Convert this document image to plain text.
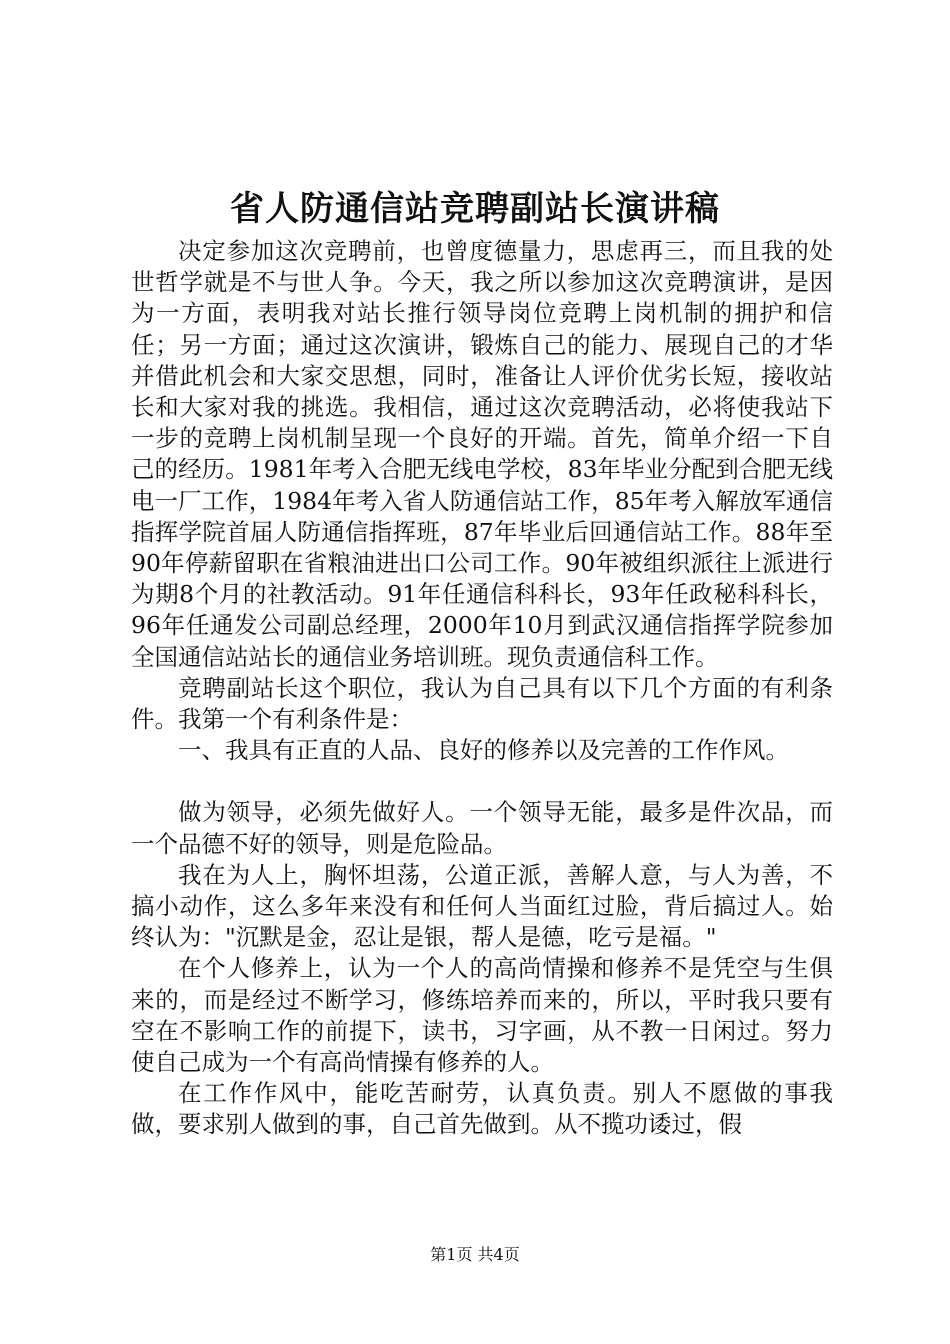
省人防通信站竞聘副站长演讲稿

决定参加这次竞聘前，也曾度德量力，思虑再三，而且我的处世哲学就是不与世人争。今天，我之所以参加这次竞聘演讲，是因为一方面，表明我对站长推行领导岗位竞聘上岗机制的拥护和信任；另一方面；通过这次演讲，锻炼自己的能力、展现自己的才华并借此机会和大家交思想，同时，准备让人评价优劣长短，接收站长和大家对我的挑选。我相信，通过这次竞聘活动，必将使我站下一步的竞聘上岗机制呈现一个良好的开端。首先，简单介绍一下自己的经历。1981年考入合肥无线电学校，83年毕业分配到合肥无线电一厂工作，1984年考入省人防通信站工作，85年考入解放军通信指挥学院首届人防通信指挥班，87年毕业后回通信站工作。88年至90年停薪留职在省粮油进出口公司工作。90年被组织派往上派进行为期8个月的社教活动。91年任通信科科长，93年任政秘科科长，96年任通发公司副总经理，2000年10月到武汉通信指挥学院参加全国通信站站长的通信业务培训班。现负责通信科工作。

竞聘副站长这个职位，我认为自己具有以下几个方面的有利条件。我第一个有利条件是：

一、我具有正直的人品、良好的修养以及完善的工作作风。

做为领导，必须先做好人。一个领导无能，最多是件次品，而一个品德不好的领导，则是危险品。

我在为人上，胸怀坦荡，公道正派，善解人意，与人为善，不搞小动作，这么多年来没有和任何人当面红过脸，背后搞过人。始终认为："沉默是金，忍让是银，帮人是德，吃亏是福。"

在个人修养上，认为一个人的高尚情操和修养不是凭空与生俱来的，而是经过不断学习，修练培养而来的，所以，平时我只要有空在不影响工作的前提下，读书，习字画，从不教一日闲过。努力使自己成为一个有高尚情操有修养的人。

在工作作风中，能吃苦耐劳，认真负责。别人不愿做的事我做，要求别人做到的事，自己首先做到。从不揽功诿过，假

第1页 共4页
